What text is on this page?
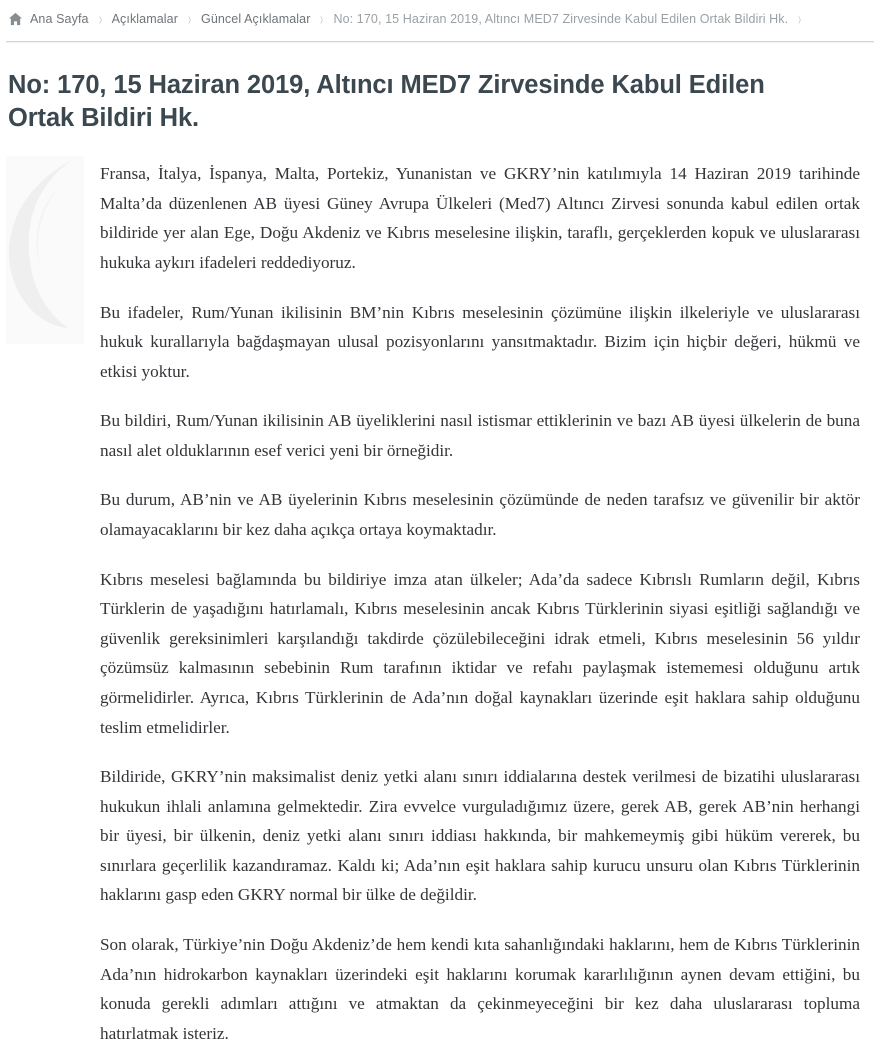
Ana Sayfa › Açıklamalar › Güncel Açıklamalar › No: 170, 15 Haziran 2019, Altıncı MED7 Zirvesinde Kabul Edilen Ortak Bildiri Hk. ›
No: 170, 15 Haziran 2019, Altıncı MED7 Zirvesinde Kabul Edilen Ortak Bildiri Hk.

Fransa, İtalya, İspanya, Malta, Portekiz, Yunanistan ve GKRY’nin katılımıyla 14 Haziran 2019 tarihinde Malta’da düzenlenen AB üyesi Güney Avrupa Ülkeleri (Med7) Altıncı Zirvesi sonunda kabul edilen ortak bildiride yer alan Ege, Doğu Akdeniz ve Kıbrıs meselesine ilişkin, taraflı, gerçeklerden kopuk ve uluslararası hukuka aykırı ifadeleri reddediyoruz.

Bu ifadeler, Rum/Yunan ikilisinin BM’nin Kıbrıs meselesinin çözümüne ilişkin ilkeleriyle ve uluslararası hukuk kurallarıyla bağdaşmayan ulusal pozisyonlarını yansıtmaktadır. Bizim için hiçbir değeri, hükmü ve etkisi yoktur.

Bu bildiri, Rum/Yunan ikilisinin AB üyeliklerini nasıl istismar ettiklerinin ve bazı AB üyesi ülkelerin de buna nasıl alet olduklarının esef verici yeni bir örneğidir.

Bu durum, AB’nin ve AB üyelerinin Kıbrıs meselesinin çözümünde de neden tarafsız ve güvenilir bir aktör olamayacaklarını bir kez daha açıkça ortaya koymaktadır.

Kıbrıs meselesi bağlamında bu bildiriye imza atan ülkeler; Ada’da sadece Kıbrıslı Rumların değil, Kıbrıs Türklerin de yaşadığını hatırlamalı, Kıbrıs meselesinin ancak Kıbrıs Türklerinin siyasi eşitliği sağlandığı ve güvenlik gereksinimleri karşılandığı takdirde çözülebileceğini idrak etmeli, Kıbrıs meselesinin 56 yıldır çözümsüz kalmasının sebebinin Rum tarafının iktidar ve refahı paylaşmak istememesi olduğunu artık görmelidirler. Ayrıca, Kıbrıs Türklerinin de Ada’nın doğal kaynakları üzerinde eşit haklara sahip olduğunu teslim etmelidirler.

Bildiride, GKRY’nin maksimalist deniz yetki alanı sınırı iddialarına destek verilmesi de bizatihi uluslararası hukukun ihlali anlamına gelmektedir. Zira evvelce vurguladığımız üzere, gerek AB, gerek AB’nin herhangi bir üyesi, bir ülkenin, deniz yetki alanı sınırı iddiası hakkında, bir mahkemeymiş gibi hüküm vererek, bu sınırlara geçerlilik kazandıramaz. Kaldı ki; Ada’nın eşit haklara sahip kurucu unsuru olan Kıbrıs Türklerinin haklarını gasp eden GKRY normal bir ülke de değildir.

Son olarak, Türkiye’nin Doğu Akdeniz’de hem kendi kıta sahanlığındaki haklarını, hem de Kıbrıs Türklerinin Ada’nın hidrokarbon kaynakları üzerindeki eşit haklarını korumak kararlılığının aynen devam ettiğini, bu konuda gerekli adımları attığını ve atmaktan da çekinmeyeceğini bir kez daha uluslararası topluma hatırlatmak isteriz.
